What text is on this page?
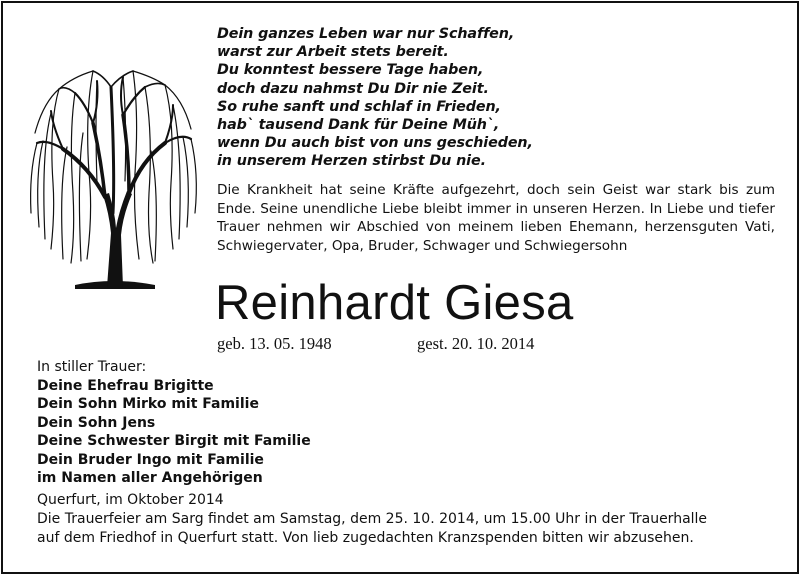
Dein ganzes Leben war nur Schaffen,
warst zur Arbeit stets bereit.
Du konntest bessere Tage haben,
doch dazu nahmst Du Dir nie Zeit.
So ruhe sanft und schlaf in Frieden,
hab` tausend Dank für Deine Müh`,
wenn Du auch bist von uns geschieden,
in unserem Herzen stirbst Du nie.
Die Krankheit hat seine Kräfte aufgezehrt, doch sein Geist war stark bis zum Ende. Seine unendliche Liebe bleibt immer in unseren Herzen. In Liebe und tiefer Trauer nehmen wir Abschied von meinem lieben Ehemann, herzensguten Vati, Schwiegervater, Opa, Bruder, Schwager und Schwiegersohn
Reinhardt Giesa
geb. 13. 05. 1948	gest. 20. 10. 2014
In stiller Trauer:
Deine Ehefrau Brigitte
Dein Sohn Mirko mit Familie
Dein Sohn Jens
Deine Schwester Birgit mit Familie
Dein Bruder Ingo mit Familie
im Namen aller Angehörigen
Querfurt, im Oktober 2014
Die Trauerfeier am Sarg findet am Samstag, dem 25. 10. 2014, um 15.00 Uhr in der Trauerhalle
auf dem Friedhof in Querfurt statt. Von lieb zugedachten Kranzspenden bitten wir abzusehen.
